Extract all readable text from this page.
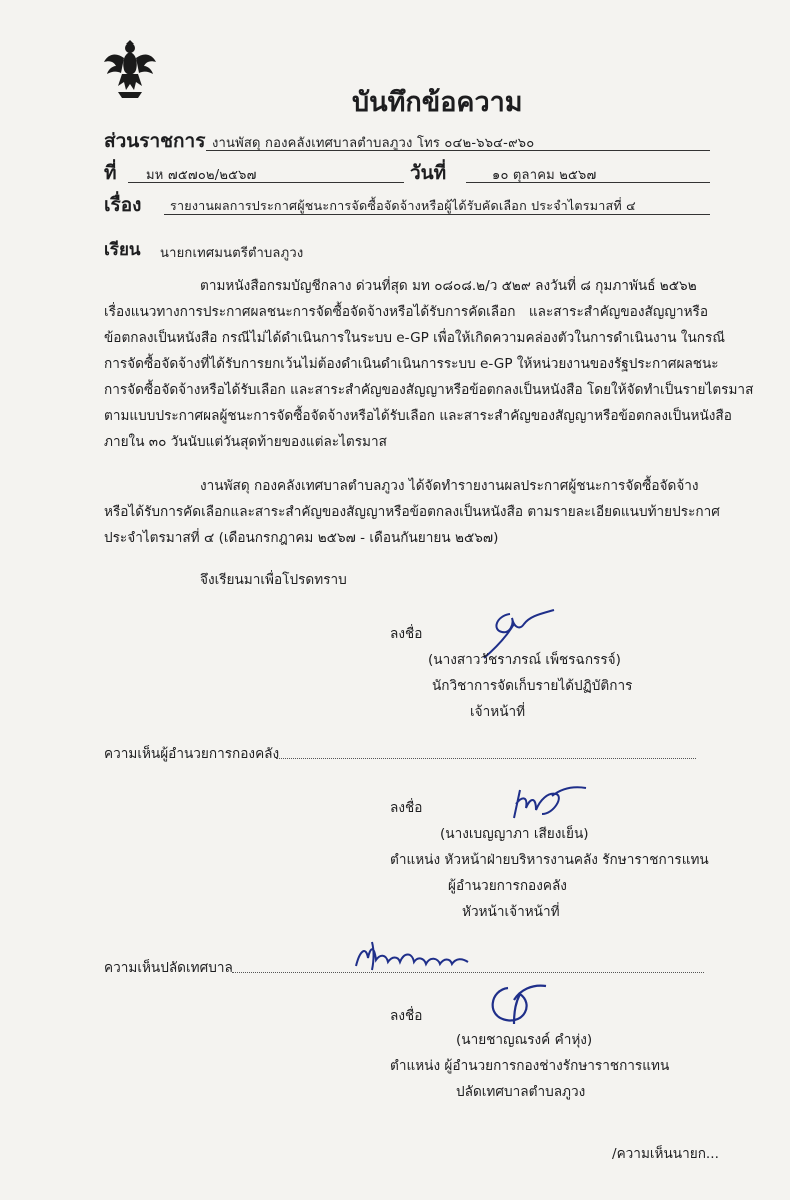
บันทึกข้อความ
ส่วนราชการ งานพัสดุ กองคลังเทศบาลตำบลภูวง โทร ๐๔๒-๖๖๔-๙๖๐
ที่ มห ๗๕๗๐๒/๒๕๖๗	วันที่	๑๐ ตุลาคม ๒๕๖๗
เรื่อง รายงานผลการประกาศผู้ชนะการจัดซื้อจัดจ้างหรือผู้ได้รับคัดเลือก ประจำไตรมาสที่ ๔
เรียน นายกเทศมนตรีตำบลภูวง
ตามหนังสือกรมบัญชีกลาง ด่วนที่สุด มท ๐๘๐๘.๒/ว ๕๒๙ ลงวันที่ ๘ กุมภาพันธ์ ๒๕๖๒
เรื่องแนวทางการประกาศผลชนะการจัดซื้อจัดจ้างหรือได้รับการคัดเลือก และสาระสำคัญของสัญญาหรือ
ข้อตกลงเป็นหนังสือ กรณีไม่ได้ดำเนินการในระบบ e-GP เพื่อให้เกิดความคล่องตัวในการดำเนินงาน ในกรณี
การจัดซื้อจัดจ้างที่ได้รับการยกเว้นไม่ต้องดำเนินดำเนินการระบบ e-GP ให้หน่วยงานของรัฐประกาศผลชนะ
การจัดซื้อจัดจ้างหรือได้รับเลือก และสาระสำคัญของสัญญาหรือข้อตกลงเป็นหนังสือ โดยให้จัดทำเป็นรายไตรมาส
ตามแบบประกาศผลผู้ชนะการจัดซื้อจัดจ้างหรือได้รับเลือก และสาระสำคัญของสัญญาหรือข้อตกลงเป็นหนังสือ
ภายใน ๓๐ วันนับแต่วันสุดท้ายของแต่ละไตรมาส
งานพัสดุ กองคลังเทศบาลตำบลภูวง ได้จัดทำรายงานผลประกาศผู้ชนะการจัดซื้อจัดจ้าง
หรือได้รับการคัดเลือกและสาระสำคัญของสัญญาหรือข้อตกลงเป็นหนังสือ ตามรายละเอียดแนบท้ายประกาศ
ประจำไตรมาสที่ ๔ (เดือนกรกฎาคม ๒๕๖๗ - เดือนกันยายน ๒๕๖๗)
จึงเรียนมาเพื่อโปรดทราบ
ลงชื่อ
(นางสาววัชราภรณ์ เพ็ชรฉกรรจ์)
นักวิชาการจัดเก็บรายได้ปฏิบัติการ
เจ้าหน้าที่
ความเห็นผู้อำนวยการกองคลัง
ลงชื่อ
(นางเบญญาภา เสียงเย็น)
ตำแหน่ง หัวหน้าฝ่ายบริหารงานคลัง รักษาราชการแทน
ผู้อำนวยการกองคลัง
หัวหน้าเจ้าหน้าที่
ความเห็นปลัดเทศบาล
ลงชื่อ
(นายชาญณรงค์ คำหุ่ง)
ตำแหน่ง ผู้อำนวยการกองช่างรักษาราชการแทน
ปลัดเทศบาลตำบลภูวง
/ความเห็นนายก...
